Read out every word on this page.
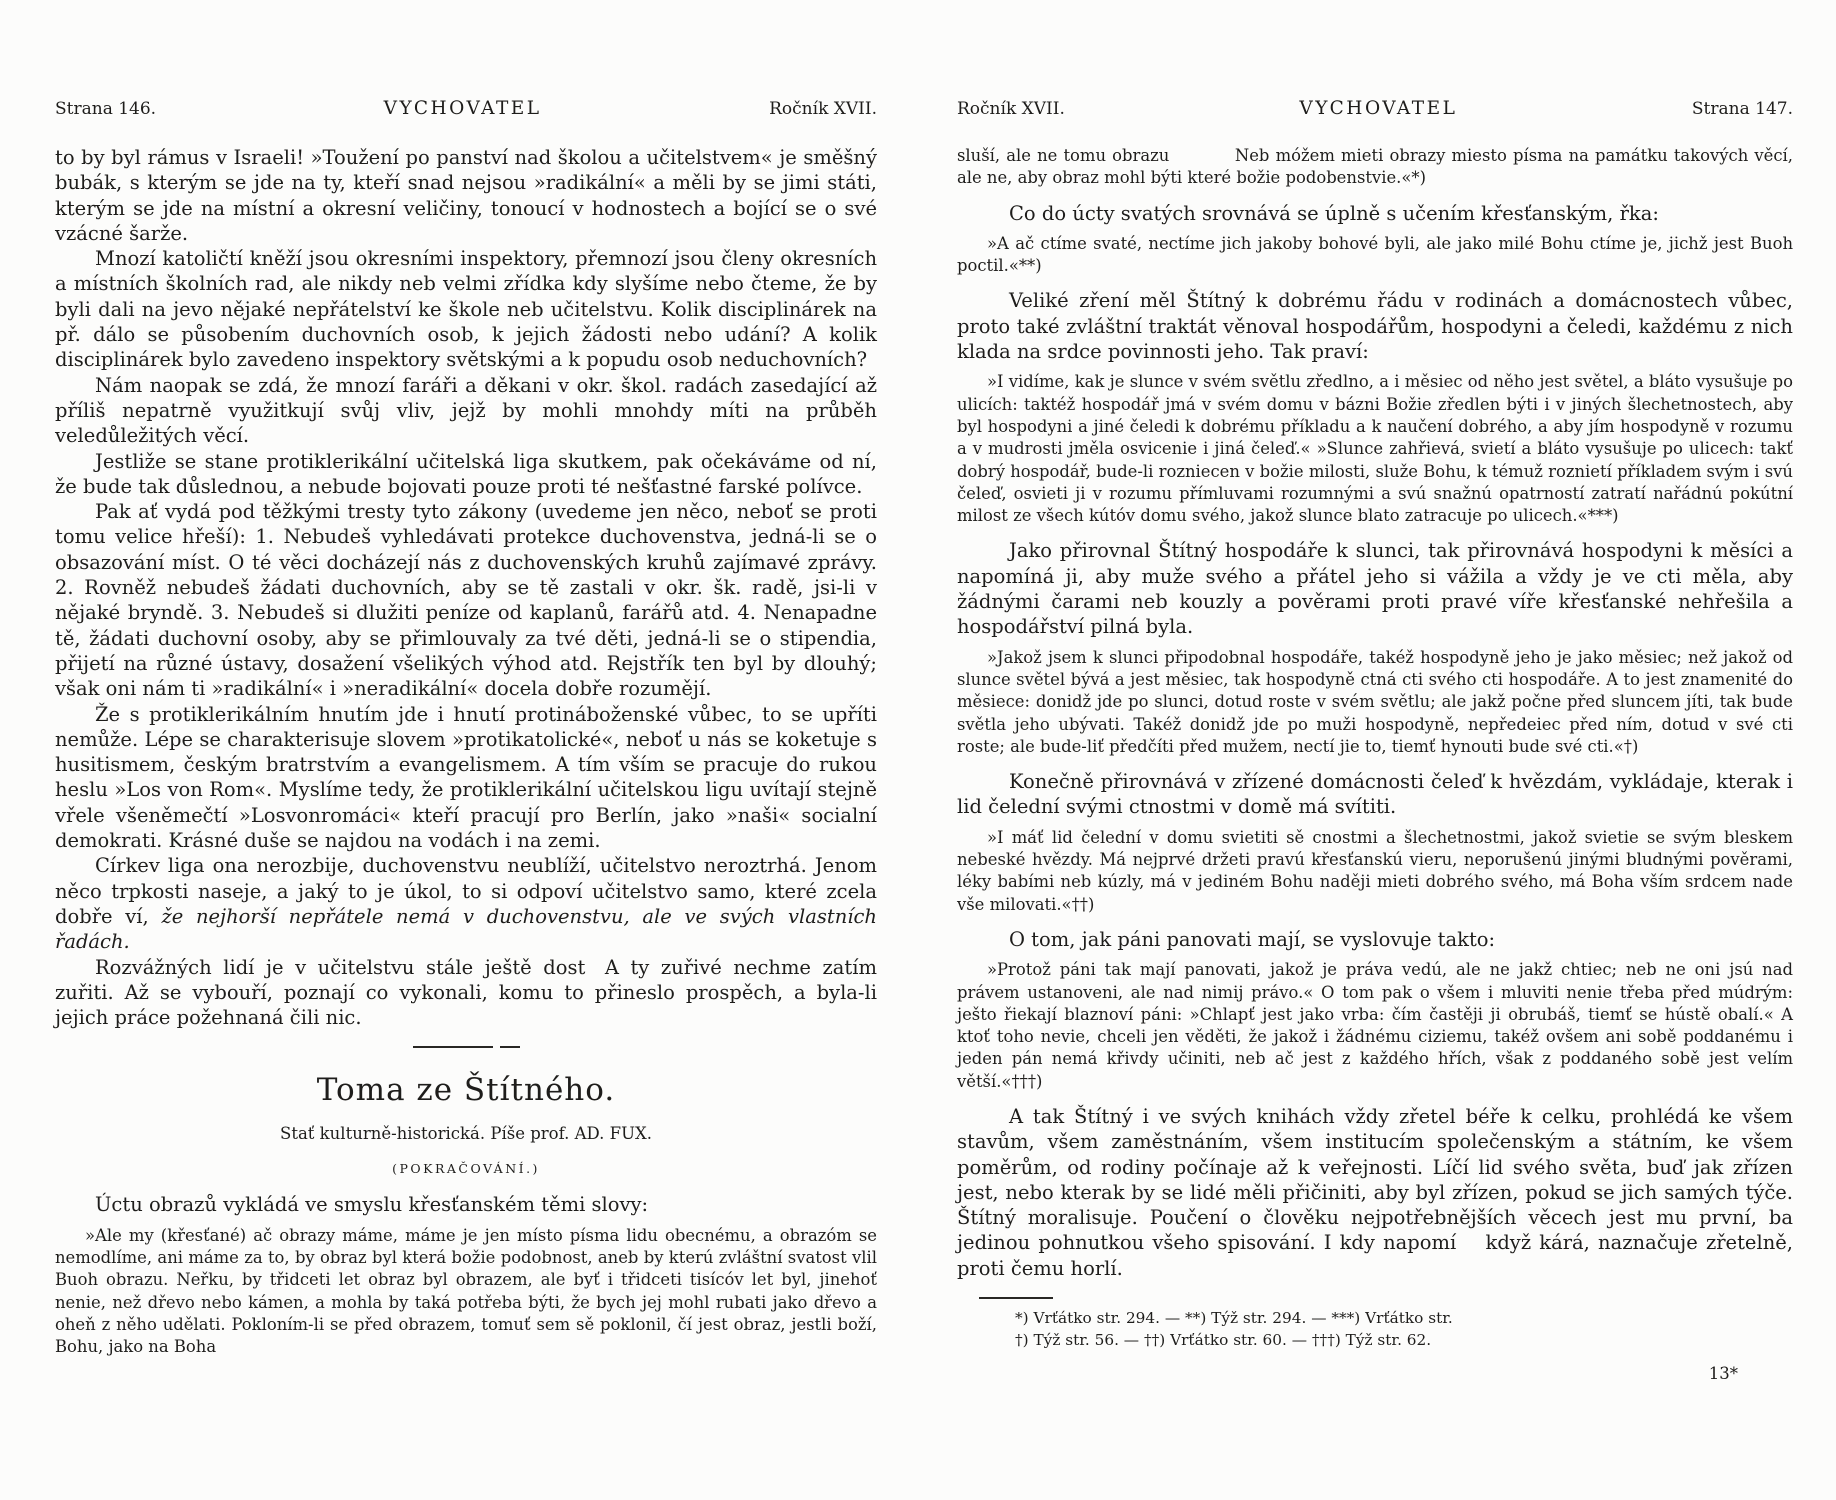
Strana 146.	VYCHOVATEL	Ročník XVII.

to by byl rámus v Israeli! »Toužení po panství nad školou a učitelstvem« je směšný bubák, s kterým se jde na ty, kteří snad nejsou »radikální« a měli by se jimi státi, kterým se jde na místní a okresní veličiny, tonoucí v hodnostech a bojící se o své vzácné šarže.

Mnozí katoličtí kněží jsou okresními inspektory, přemnozí jsou členy okresních a místních školních rad, ale nikdy neb velmi zřídka kdy slyšíme nebo čteme, že by byli dali na jevo nějaké nepřátelství ke škole neb učitelstvu. Kolik disciplinárek na př. dálo se působením duchovních osob, k jejich žádosti nebo udání? A kolik disciplinárek bylo zavedeno inspektory světskými a k popudu osob neduchovních?

Nám naopak se zdá, že mnozí faráři a děkani v okr. škol. radách zasedající až příliš nepatrně využitkují svůj vliv, jejž by mohli mnohdy míti na průběh veledůležitých věcí.

Jestliže se stane protiklerikální učitelská liga skutkem, pak očekáváme od ní, že bude tak důslednou, a nebude bojovati pouze proti té nešťastné farské polívce.

Pak ať vydá pod těžkými tresty tyto zákony (uvedeme jen něco, neboť se proti tomu velice hřeší): 1. Nebudeš vyhledávati protekce duchovenstva, jedná-li se o obsazování míst. O té věci docházejí nás z duchovenských kruhů zajímavé zprávy. 2. Rovněž nebudeš žádati duchovních, aby se tě zastali v okr. šk. radě, jsi-li v nějaké bryndě. 3. Nebudeš si dlužiti peníze od kaplanů, farářů atd. 4. Nenapadne tě, žádati duchovní osoby, aby se přimlouvaly za tvé děti, jedná-li se o stipendia, přijetí na různé ústavy, dosažení všelikých výhod atd. Rejstřík ten byl by dlouhý; však oni nám ti »radikální« i »neradikální« docela dobře rozumějí.

Že s protiklerikálním hnutím jde i hnutí protináboženské vůbec, to se upříti nemůže. Lépe se charakterisuje slovem »protikatolické«, neboť u nás se koketuje s husitismem, českým bratrstvím a evangelismem. A tím vším se pracuje do rukou heslu »Los von Rom«. Myslíme tedy, že protiklerikální učitelskou ligu uvítají stejně vřele všeněmečtí »Losvonromáci« kteří pracují pro Berlín, jako »naši« socialní demokrati. Krásné duše se najdou na vodách i na zemi.

Církev liga ona nerozbije, duchovenstvu neublíží, učitelstvo neroztrhá. Jenom něco trpkosti naseje, a jaký to je úkol, to si odpoví učitelstvo samo, které zcela dobře ví, že nejhorší nepřátele nemá v duchovenstvu, ale ve svých vlastních řadách.

Rozvážných lidí je v učitelstvu stále ještě dost  A ty zuřivé nechme zatím zuřiti. Až se vybouří, poznají co vykonali, komu to přineslo prospěch, a byla-li jejich práce požehnaná čili nic.

Toma ze Štítného.
Stať kulturně-historická. Píše prof. AD. FUX.
(POKRAČOVÁNÍ.)

Úctu obrazů vykládá ve smyslu křesťanském těmi slovy:

»Ale my (křesťané) ač obrazy máme, máme je jen místo písma lidu obecnému, a obrazóm se nemodlíme, ani máme za to, by obraz byl která božie podobnost, aneb by kterú zvláštní svatost vlil Buoh obrazu. Neřku, by třidceti let obraz byl obrazem, ale byť i třidceti tisícóv let byl, jinehoť nenie, než dřevo nebo kámen, a mohla by taká potřeba býti, že bych jej mohl rubati jako dřevo a oheň z něho udělati. Pokloním-li se před obrazem, tomuť sem sě poklonil, čí jest obraz, jestli boží, Bohu, jako na Boha

Ročník XVII.	VYCHOVATEL	Strana 147.

sluší, ale ne tomu obrazu    Neb móžem mieti obrazy miesto písma na památku takových věcí, ale ne, aby obraz mohl býti které božie podobenstvie.«*)

Co do úcty svatých srovnává se úplně s učením křesťanským, řka:

»A ač ctíme svaté, nectíme jich jakoby bohové byli, ale jako milé Bohu ctíme je, jichž jest Buoh poctil.«**)

Veliké zření měl Štítný k dobrému řádu v rodinách a domácnostech vůbec, proto také zvláštní traktát věnoval hospodářům, hospodyni a čeledi, každému z nich klada na srdce povinnosti jeho. Tak praví:

»I vidíme, kak je slunce v svém světlu zředlno, a i měsiec od něho jest světel, a bláto vysušuje po ulicích: taktéž hospodář jmá v svém domu v bázni Božie zředlen býti i v jiných šlechetnostech, aby byl hospodyni a jiné čeledi k dobrému příkladu a k naučení dobrého, a aby jím hospodyně v rozumu a v mudrosti jměla osvicenie i jiná čeleď.« »Slunce zahřievá, svietí a bláto vysušuje po ulicech: takť dobrý hospodář, bude-li rozniecen v božie milosti, služe Bohu, k témuž roznietí příkladem svým i svú čeleď, osvieti ji v rozumu přímluvami rozumnými a svú snažnú opatrností zatratí nařádnú pokútní milost ze všech kútóv domu svého, jakož slunce blato zatracuje po ulicech.«***)

Jako přirovnal Štítný hospodáře k slunci, tak přirovnává hospodyni k měsíci a napomíná ji, aby muže svého a přátel jeho si vážila a vždy je ve cti měla, aby žádnými čarami neb kouzly a pověrami proti pravé víře křesťanské nehřešila a hospodářství pilná byla.

»Jakož jsem k slunci připodobnal hospodáře, takéž hospodyně jeho je jako měsiec; než jakož od slunce světel bývá a jest měsiec, tak hospodyně ctná cti svého cti hospodáře. A to jest znamenité do měsiece: donidž jde po slunci, dotud roste v svém světlu; ale jakž počne před sluncem jíti, tak bude světla jeho ubývati. Takéž donidž jde po muži hospodyně, nepředeiec před ním, dotud v své cti roste; ale bude-liť předčíti před mužem, nectí jie to, tiemť hynouti bude své cti.«†)

Konečně přirovnává v zřízené domácnosti čeleď k hvězdám, vykládaje, kterak i lid čelední svými ctnostmi v domě má svítiti.

»I máť lid čelední v domu svietiti sě cnostmi a šlechetnostmi, jakož svietie se svým bleskem nebeské hvězdy. Má nejprvé držeti pravú křesťanskú vieru, neporušenú jinými bludnými pověrami, léky babími neb kúzly, má v jediném Bohu naději mieti dobrého svého, má Boha vším srdcem nade vše milovati.«††)

O tom, jak páni panovati mají, se vyslovuje takto:

»Protož páni tak mají panovati, jakož je práva vedú, ale ne jakž chtiec; neb ne oni jsú nad právem ustanoveni, ale nad nimij právo.« O tom pak o všem i mluviti nenie třeba před múdrým: ješto řiekají blaznoví páni: »Chlapť jest jako vrba: čím častěji ji obrubáš, tiemť se hústě obalí.« A ktoť toho nevie, chceli jen věděti, že jakož i žádnému ciziemu, takéž ovšem ani sobě poddanému i jeden pán nemá křivdy učiniti, neb ač jest z každého hřích, však z poddaného sobě jest velím větší.«†††)

A tak Štítný i ve svých knihách vždy zřetel béře k celku, prohlédá ke všem stavům, všem zaměstnáním, všem institucím společenským a státním, ke všem poměrům, od rodiny počínaje až k veřejnosti. Líčí lid svého světa, buď jak zřízen jest, nebo kterak by se lidé měli přičiniti, aby byl zřízen, pokud se jich samých týče. Štítný moralisuje. Poučení o člověku nejpotřebnějších věcech jest mu první, ba jedinou pohnutkou všeho spisování. I kdy napomí  když kárá, naznačuje zřetelně, proti čemu horlí.

*) Vrťátko str. 294. — **) Týž str. 294. — ***) Vrťátko str.

†) Týž str. 56. — ††) Vrťátko str. 60. — †††) Týž str. 62.

13*
